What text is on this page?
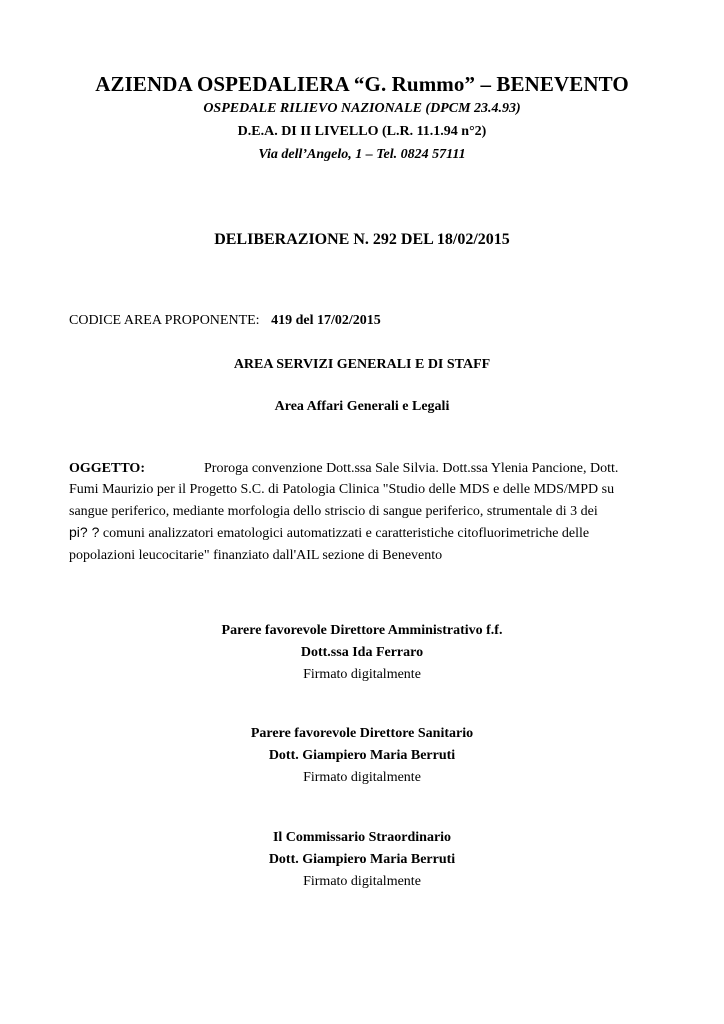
AZIENDA OSPEDALIERA “G. Rummo” – BENEVENTO
OSPEDALE RILIEVO NAZIONALE (DPCM 23.4.93)
D.E.A. DI II LIVELLO (L.R. 11.1.94 n°2)
Via dell’Angelo, 1 – Tel. 0824 57111
DELIBERAZIONE N. 292 DEL 18/02/2015
CODICE AREA PROPONENTE: 419 del 17/02/2015
AREA SERVIZI GENERALI E DI STAFF
Area Affari Generali e Legali
OGGETTO:	Proroga convenzione Dott.ssa Sale Silvia. Dott.ssa Ylenia Pancione, Dott.
Fumi Maurizio per il Progetto S.C. di Patologia Clinica "Studio delle MDS e delle MDS/MPD su
sangue periferico, mediante morfologia dello striscio di sangue periferico, strumentale di 3 dei
pi? ? comuni analizzatori ematologici automatizzati e caratteristiche citofluorimetriche delle
popolazioni leucocitarie" finanziato dall'AIL sezione di Benevento
Parere favorevole Direttore Amministrativo f.f.
Dott.ssa Ida Ferraro
Firmato digitalmente
Parere favorevole Direttore Sanitario
Dott. Giampiero Maria Berruti
Firmato digitalmente
Il Commissario Straordinario
Dott. Giampiero Maria Berruti
Firmato digitalmente
